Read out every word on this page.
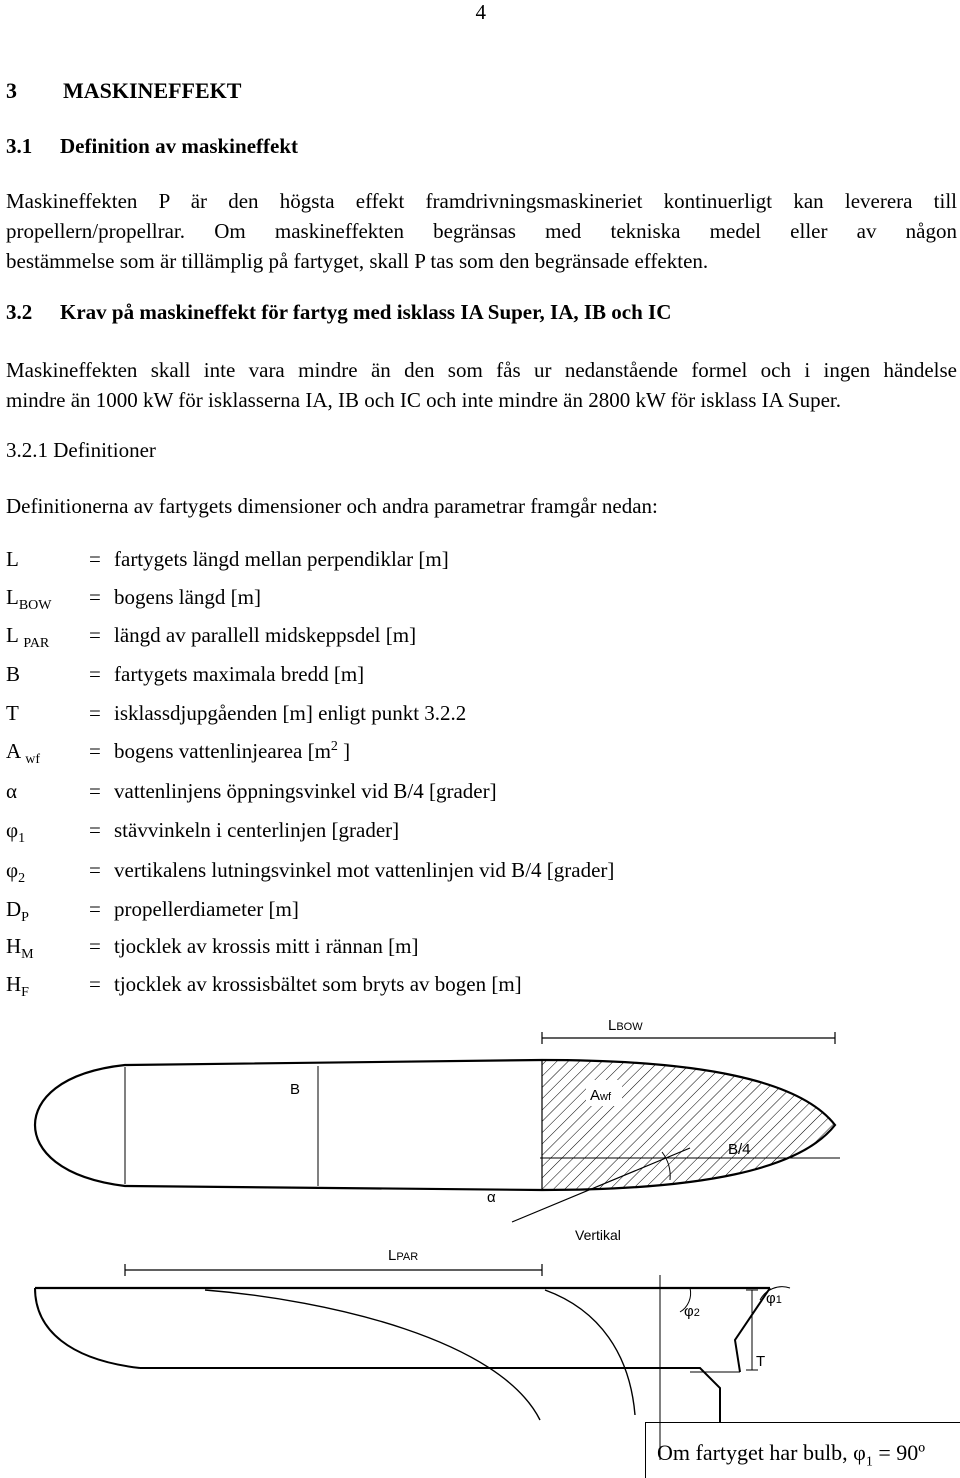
4
3 MASKINEFFEKT
3.1 Definition av maskineffekt
Maskineffekten P är den högsta effekt framdrivningsmaskineriet kontinuerligt kan leverera till
propellern/propellrar. Om maskineffekten begränsas med tekniska medel eller av någon
bestämmelse som är tillämplig på fartyget, skall P tas som den begränsade effekten.
3.2 Krav på maskineffekt för fartyg med isklass IA Super, IA, IB och IC
Maskineffekten skall inte vara mindre än den som fås ur nedanstående formel och i ingen händelse
mindre än 1000 kW för isklasserna IA, IB och IC och inte mindre än 2800 kW för isklass IA Super.
3.2.1 Definitioner
Definitionerna av fartygets dimensioner och andra parametrar framgår nedan:
L	= fartygets längd mellan perpendiklar [m]
$L_{BOW}$	= bogens längd [m]
L $_{PAR}$	= längd av parallell midskeppsdel [m]
B	= fartygets maximala bredd [m]
T	= isklassdjupgåenden [m] enligt punkt 3.2.2
A $_{wf}$	= bogens vattenlinjearea [$m^2$ ]
α	= vattenlinjens öppningsvinkel vid B/4 [grader]
$\varphi_1$	= stävvinkeln i centerlinjen [grader]
$\varphi_2$	= vertikalens lutningsvinkel mot vattenlinjen vid B/4 [grader]
$D_P$	= propellerdiameter [m]
$H_M$	= tjocklek av krossis mitt i rännan [m]
$H_F$	= tjocklek av krossisbältet som bryts av bogen [m]
LBOW
B	Awf
B/4
α
LPAR
Vertikal
T
φ1
φ2
Om fartyget har bulb, $\varphi_1$ = 90º
